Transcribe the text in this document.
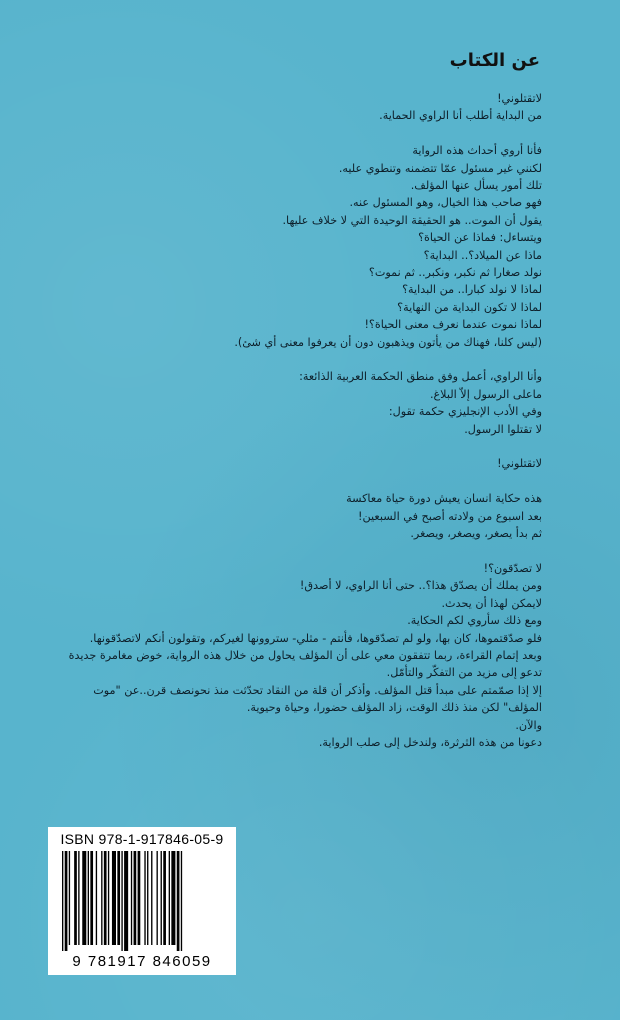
عن الكتاب
لاتقتلوني!
من البداية أطلب أنا الراوي الحماية.
فأنا أروي أحداث هذه الرواية
لكنني غير مسئول عمّا تتضمنه وتنطوي عليه.
تلك أمور يسأل عنها المؤلف.
فهو صاحب هذا الخيال، وهو المسئول عنه.
يقول أن الموت.. هو الحقيقة الوحيدة التي لا خلاف عليها.
ويتساءل: فماذا عن الحياة؟
ماذا عن الميلاد؟.. البداية؟
نولد صغارا ثم نكبر، ونكبر.. ثم نموت؟
لماذا لا نولد كبارا.. من البداية؟
لماذا لا تكون البداية من النهاية؟
لماذا نموت عندما نعرف معنى الحياة؟!
(ليس كلنا، فهناك من يأتون ويذهبون دون أن يعرفوا معنى أي شئ).
وأنا الراوي، أعمل وفق منطق الحكمة العربية الذائعة:
ماعلى الرسول إلاّ البلاغ.
وفي الأدب الإنجليزي حكمة تقول:
لا تقتلوا الرسول.
لاتقتلوني!
هذه حكاية انسان يعيش دورة حياة معاكسة
بعد اسبوع من ولادته أصبح في السبعين!
ثم بدأ يصغر، ويصغر، ويصغر.
لا تصدّقون؟!
ومن يملك أن يصدّق هذا؟.. حتى أنا الراوي، لا أصدق!
لايمكن لهذا أن يحدث.
ومع ذلك سأروي لكم الحكاية.
فلو صدّقتموها، كان بها، ولو لم تصدّقوها، فأنتم - مثلي- ستروونها لغيركم، وتقولون أنكم لاتصدّقونها.
وبعد إتمام القراءة، ربما تتفقون معي على أن المؤلف يحاول من خلال هذه الرواية، خوض مغامرة جديدة
تدعو إلى مزيد من التفكّر والتأمّل.
إلا إذا صمّمتم على مبدأ قتل المؤلف. وأذكر أن قلة من النقاد تحدّثت منذ نحونصف قرن..عن "موت
المؤلف" لكن منذ ذلك الوقت، زاد المؤلف حضورا، وحياة وحيوية.
والآن.
دعونا من هذه الثرثرة، ولندخل إلى صلب الرواية.
ISBN 978-1-917846-05-9
9 781917 846059
